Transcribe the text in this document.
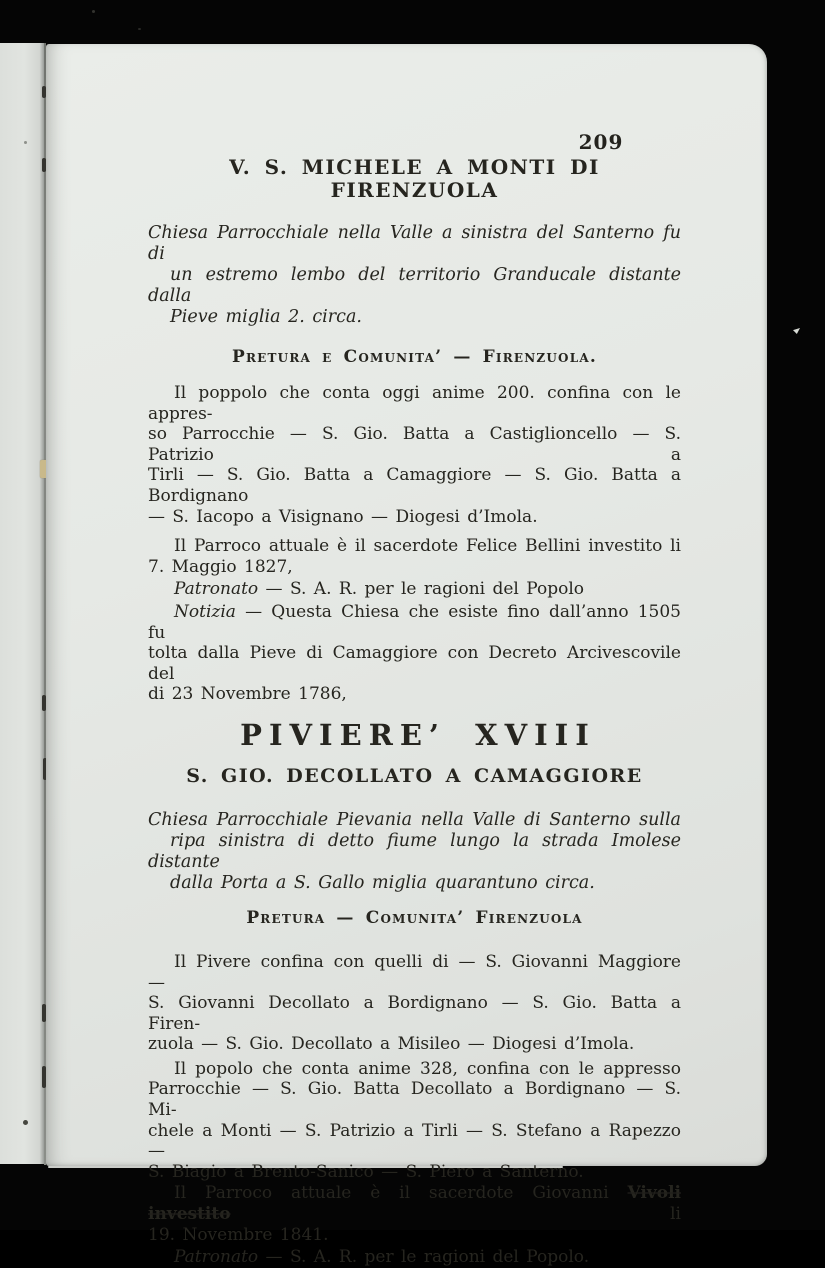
209
V. S. MICHELE A MONTI DI FIRENZUOLA
Chiesa Parrocchiale nella Valle a sinistra del Santerno fu di
un estremo lembo del territorio Granducale distante dalla
Pieve miglia 2. circa.
Pretura e Comunita’ — Firenzuola.
Il poppolo che conta oggi anime 200. confina con le appres-
so Parrocchie — S. Gio. Batta a Castiglioncello — S. Patrizio a
Tirli — S. Gio. Batta a Camaggiore — S. Gio. Batta a Bordignano
— S. Iacopo a Visignano — Diogesi d’Imola.
Il Parroco attuale è il sacerdote Felice Bellini investito li
7. Maggio 1827,
Patronato — S. A. R. per le ragioni del Popolo
Notizia — Questa Chiesa che esiste fino dall’anno 1505 fu
tolta dalla Pieve di Camaggiore con Decreto Arcivescovile del
di 23 Novembre 1786,
PIVIERE’ XVIII
S. GIO. DECOLLATO A CAMAGGIORE
Chiesa Parrocchiale Pievania nella Valle di Santerno sulla
ripa sinistra di detto fiume lungo la strada Imolese distante
dalla Porta a S. Gallo miglia quarantuno circa.
Pretura — Comunita’ Firenzuola
Il Pivere confina con quelli di — S. Giovanni Maggiore —
S. Giovanni Decollato a Bordignano — S. Gio. Batta a Firen-
zuola — S. Gio. Decollato a Misileo — Diogesi d’Imola.
Il popolo che conta anime 328, confina con le appresso
Parrocchie — S. Gio. Batta Decollato a Bordignano — S. Mi-
chele a Monti — S. Patrizio a Tirli — S. Stefano a Rapezzo —
S. Biagio a Brento-Sanico — S. Piero a Santerno.
Il Parroco attuale è il sacerdote Giovanni Vivoli investito li
19. Novembre 1841.
Patronato — S. A. R. per le ragioni del Popolo.
